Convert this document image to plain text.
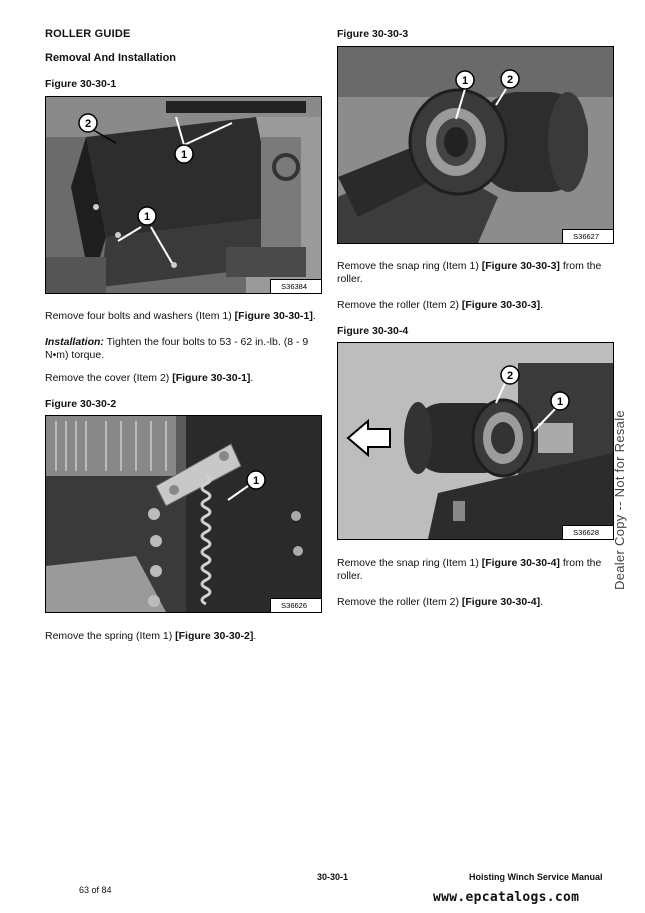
ROLLER GUIDE
Removal And Installation
Figure 30-30-1
1
1
2
S36384
Remove four bolts and washers (Item 1) [Figure 30-30-1].
Installation: Tighten the four bolts to 53 - 62 in.-lb. (8 - 9
N•m) torque.
Remove the cover (Item 2) [Figure 30-30-1].
Figure 30-30-2
1
S36626
Remove the spring (Item 1) [Figure 30-30-2].
Figure 30-30-3
1	2
S36627
Remove the snap ring (Item 1) [Figure 30-30-3] from the
roller.
Remove the roller (Item 2) [Figure 30-30-3].
Figure 30-30-4
2
1
S36628
Remove the snap ring (Item 1) [Figure 30-30-4] from the
roller.
Remove the roller (Item 2) [Figure 30-30-4].
Dealer Copy -- Not for Resale
30-30-1	Hoisting Winch Service Manual
63 of 84	www.epcatalogs.com
